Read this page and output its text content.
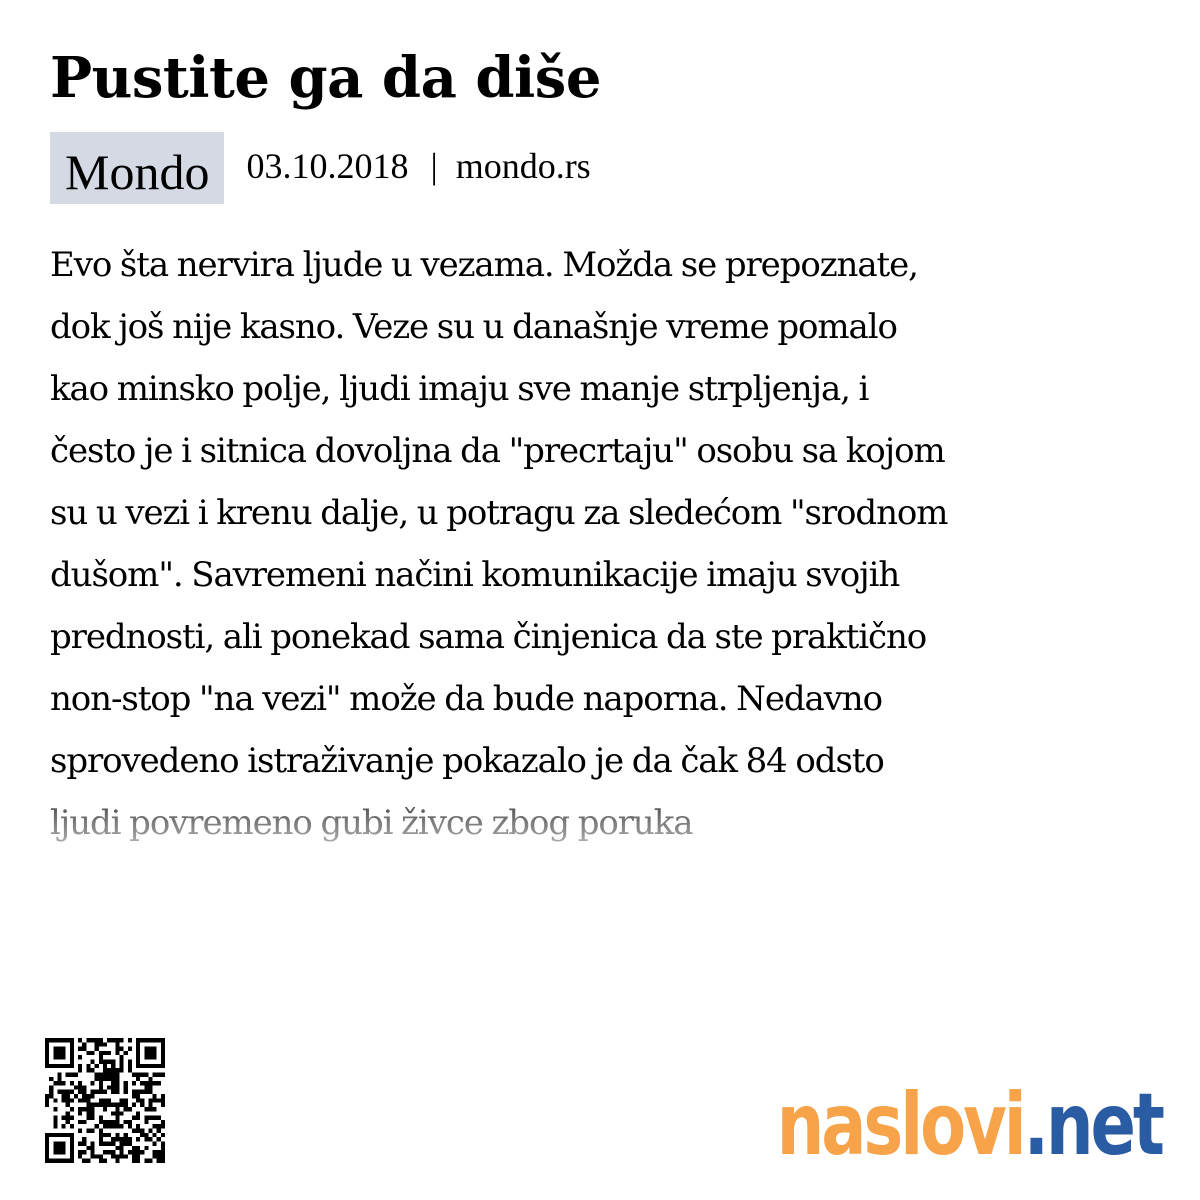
Pustite ga da diše
Mondo	03.10.2018 | mondo.rs
Evo šta nervira ljude u vezama. Možda se prepoznate,
dok još nije kasno. Veze su u današnje vreme pomalo
kao minsko polje, ljudi imaju sve manje strpljenja, i
često je i sitnica dovoljna da "precrtaju" osobu sa kojom
su u vezi i krenu dalje, u potragu za sledećom "srodnom
dušom". Savremeni načini komunikacije imaju svojih
prednosti, ali ponekad sama činjenica da ste praktično
non-stop "na vezi" može da bude naporna. Nedavno
sprovedeno istraživanje pokazalo je da čak 84 odsto
ljudi povremeno gubi živce zbog poruka
naslovi .net
